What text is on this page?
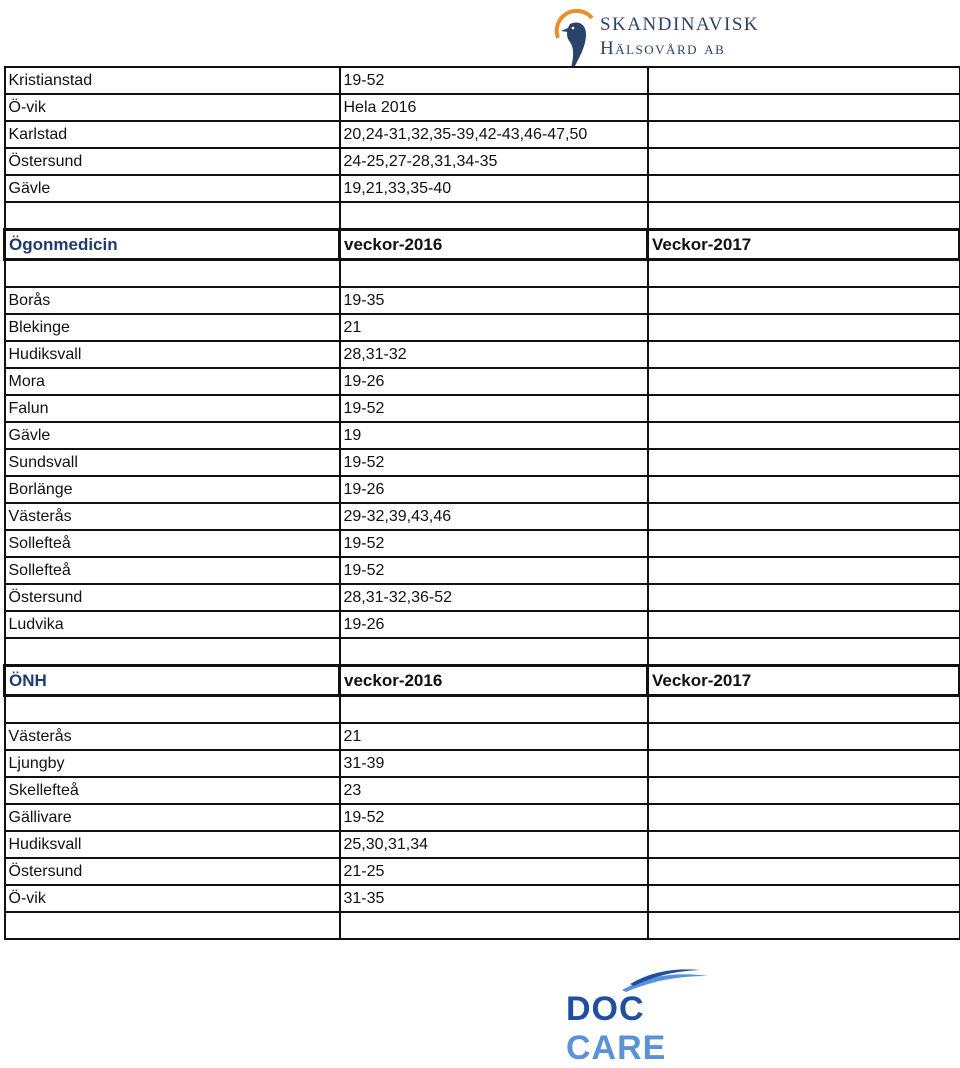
SKANDINAVISK
Hälsovård ab
Kristianstad	19-52	
Ö-vik	Hela 2016	
Karlstad	20,24-31,32,35-39,42-43,46-47,50	
Östersund	24-25,27-28,31,34-35	
Gävle	19,21,33,35-40	

Ögonmedicin	veckor-2016	Veckor-2017

Borås	19-35	
Blekinge	21	
Hudiksvall	28,31-32	
Mora	19-26	
Falun	19-52	
Gävle	19	
Sundsvall	19-52	
Borlänge	19-26	
Västerås	29-32,39,43,46	
Sollefteå	19-52	
Sollefteå	19-52	
Östersund	28,31-32,36-52	
Ludvika	19-26	

ÖNH	veckor-2016	Veckor-2017

Västerås	21	
Ljungby	31-39	
Skellefteå	23	
Gällivare	19-52	
Hudiksvall	25,30,31,34	
Östersund	21-25	
Ö-vik	31-35	

DOC CARE
